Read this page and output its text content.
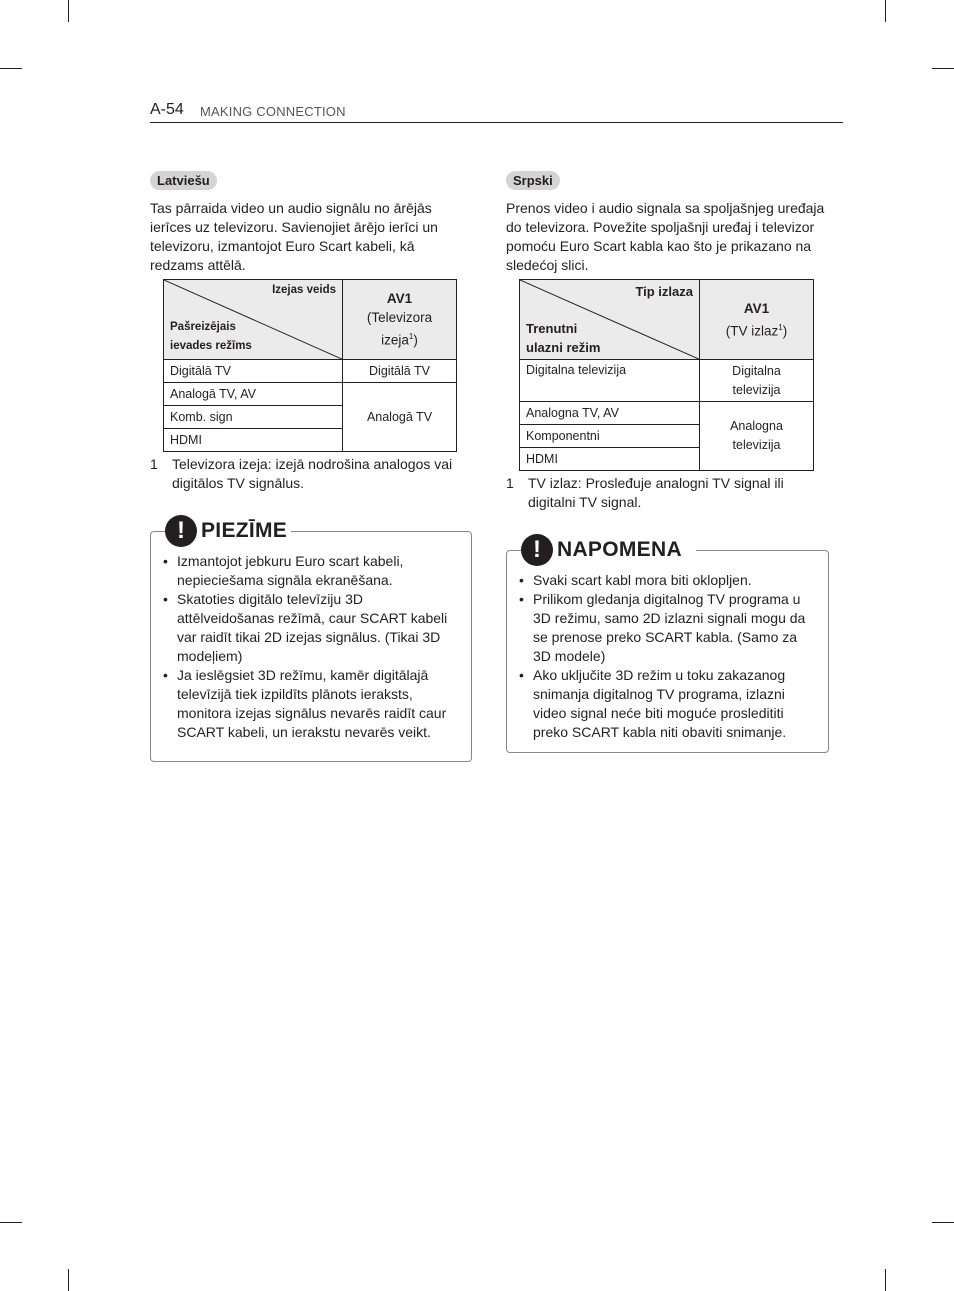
A-54 MAKING CONNECTION
Latviešu
Tas pārraida video un audio signālu no ārējās ierīces uz televizoru. Savienojiet ārējo ierīci un televizoru, izmantojot Euro Scart kabeli, kā redzams attēlā.
Izejas veids
Pašreizējais
ievades režīms	AV1
(Televizora
izeja$^1$)
Digitālā TV	Digitālā TV
Analogā TV, AV	Analogā TV
Komb. sign	
HDMI	
1 Televizora izeja: izejā nodrošina analogos vai digitālos TV signālus.
! PIEZĪME
• Izmantojot jebkuru Euro scart kabeli, nepieciešama signāla ekranēšana.
• Skatoties digitālo televīziju 3D attēlveidošanas režīmā, caur SCART kabeli var raidīt tikai 2D izejas signālus. (Tikai 3D modeļiem)
• Ja ieslēgsiet 3D režīmu, kamēr digitālajā televīzijā tiek izpildīts plānots ieraksts, monitora izejas signālus nevarēs raidīt caur SCART kabeli, un ierakstu nevarēs veikt.
Srpski
Prenos video i audio signala sa spoljašnjeg uređaja do televizora. Povežite spoljašnji uređaj i televizor pomoću Euro Scart kabla kao što je prikazano na sledećoj slici.
Tip izlaza
Trenutni
ulazni režim	AV1
(TV izlaz$^1$)
Digitalna televizija	Digitalna
televizija
Analogna TV, AV	Analogna
televizija
Komponentni	
HDMI	
1 TV izlaz: Prosleđuje analogni TV signal ili digitalni TV signal.
! NAPOMENA
• Svaki scart kabl mora biti okloplјen.
• Prilikom gledanja digitalnog TV programa u 3D režimu, samo 2D izlazni signali mogu da se prenose preko SCART kabla. (Samo za 3D modele)
• Ako uključite 3D režim u toku zakazanog snimanja digitalnog TV programa, izlazni video signal neće biti moguće prosledititi preko SCART kabla niti obaviti snimanje.
